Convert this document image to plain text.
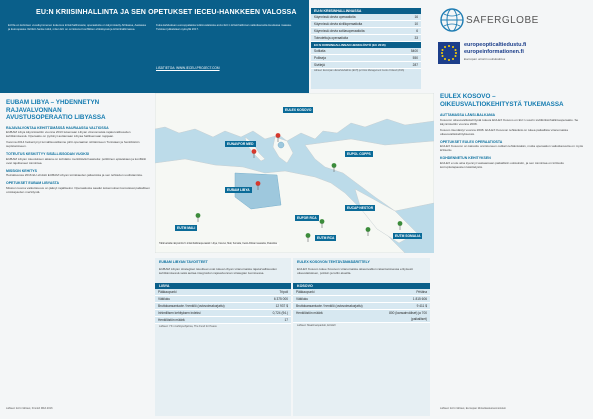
EU:N KRIISINHALLINTA JA SEN OPETUKSET IECEU-HANKKEEN VALOSSA
EU:lla on kolmisen vuosikymmenen kokemus kriisinhallinnasta; operaatioita on käynnistetty Afrikassa, Aasiassa ja Euroopassa. IECEU-hanke tutkii, miten EU on onnistunut konfliktien ehkäisyssä ja kriisinhallinnassa.
Kuka kahdeksan eurooppalaista tutkimuslaitosta arvioi EU:n kriisinhallinnan vaikuttavuutta kuudessa maassa. Tulokset julkaistaan syksyllä 2017.
LISÄTIETOA: WWW.IECEU-PROJECT.COM
EU:N KRIISINHALLINNASSA
Käynnissä olevia operaatioita	16
Käynnissä olevia siviilioperaatioita	10
Käynnissä olevia sotilasoperaatioita	6
Toteutettuja operaatioita	33
EU:N KRIISINHALLINNAN HENKILÖSTÖ (EU 2016)
Sotilaita	5400
Poliiseja	550
Siviilejä	287
Lähteet: Euroopan ulkosuhdehallinto (EUH) ja Crisis Management Centre Finland (2016)
SAFERGLOBE
europeopticaltiedustu.fi
europeinformationen.fi
Euroopan unionin uutistiedotus
EULEX KOSOVO
EUNAVFOR MED
EUBAM LIBYA
EUCAP NESTOR
EUTM MALI
EUTM SOMALIA
EUPOL COPPS
EUFOR RCA
EUTM RCA
Tällä kartalla näkyvät EU:n kriisinhallintaoperaatiot: Libya, Kosovo, Mali, Somalia, Keski-Afrikan tasavalta, Palestiina
EUBAM LIBYA – YHDENNETYN RAJAVALVONNAN AVUSTUSOPERAATIO LIBYASSA
RAJAVALVONTAA KEHITTÄMÄSSÄ HAURAASSA VALTIOSSA
EUBAM Libya käynnistettiin vuonna 2013 tukemaan Libyan viranomaisia rajaturvallisuuden kehittämisessä. Operaatio on pyrkinyt auttamaan Libyaa hallitsemaan rajojaan.
Vuonna 2014 heikentynyt turvallisuustilanne johti operaation siirtämiseen Tunisiaan ja henkilöstön supistamiseen.
TOTEUTUS KESKITTYY SISÄLLISSODAN VUOKSI
EUBAM Libyan toteutuksen aikana on kohdattu merkittäviä haasteita: poliittinen epävakaus ja konfliktit ovat rajoittaneet toimintaa.
MISSION KEHITYS
Heinäkuussa 2016 EU ehdotti EUBAM Libyan toimikauden jatkamista ja sen tehtävien uudistamista.
OPETUKSET EUBAM LIBYASTA
Mission tuoma vaikuttavuus on jäänyt rajalliseksi. Operaatiosta saadut kokemukset korostavat paikallisen omistajuuden merkitystä.
Lähteet: EU:n lähteet, Finnish MFA 2016
EUBAM LIBYAN TAVOITTEET
EUBAM Libyan strategiset tavoitteet ovat tukea Libyan viranomaisia rajaturvallisuuden kehittämisessä sekä auttaa integroidun rajavalvonnan strategian luomisessa.
LIBYA
Pääkaupunki	Tripoli
Väkiluku	6 375 000
Bruttokansantuote / henkilö (ostovoimakorjattu)	12 937 $
Inhimillisen kehityksen indeksi	0,724 (94.)
Henkilöstön määrä	17
Lähteet: YK:n kehitysohjelma, The Fund for Peace
EULEX KOSOVON TEHTÄVÄNMÄÄRITTELY
EULEX Kosovo tukee Kosovon viranomaisia oikeusvaltion rakentamisessa erityisesti oikeuslaitoksen, poliisin ja tullin alueilla.
KOSOVO
Pääkaupunki	Priština
Väkiluku	1 815 606
Bruttokansantuote / henkilö (ostovoimakorjattu)	9 411 $
Henkilöstön määrä	800 (kansainväliset) ja 700 (paikalliset)
Lähteet: Maailmanpankki, EULEX
EULEX KOSOVO – OIKEUSVALTIOKEHITYSTÄ TUKEMASSA
AUTTAMASSA LÄNSI-BALKANIA
Kosovon oikeusvaltiokehitystä tukeva EULEX Kosovo on EU:n suurin siviilikriisinhallintaoperaatio. Se käynnistettiin vuonna 2008.
Kosovo itsenäistyi vuonna 2008. EULEX Kosovon tehtävänä on tukea paikallisia viranomaisia oikeusvaltiokehityksessä.
OPETUKSET EULEX OPERAATIOSTA
EULEX Kosovon on katsottu onnistuneen osittain tehtävissään, mutta operaation vaikuttavuutta on myös kritisoitu.
KOHDENNETUN KEHITYKSEN
EULEX ei ole aina kyennyt vastaamaan paikallisiin odotuksiin, ja sen toimintaa on kritisoitu korruptiotapausten käsittelystä.
Lähteet: EU:n lähteet, Euroopan tilintarkastustuomioistuin
